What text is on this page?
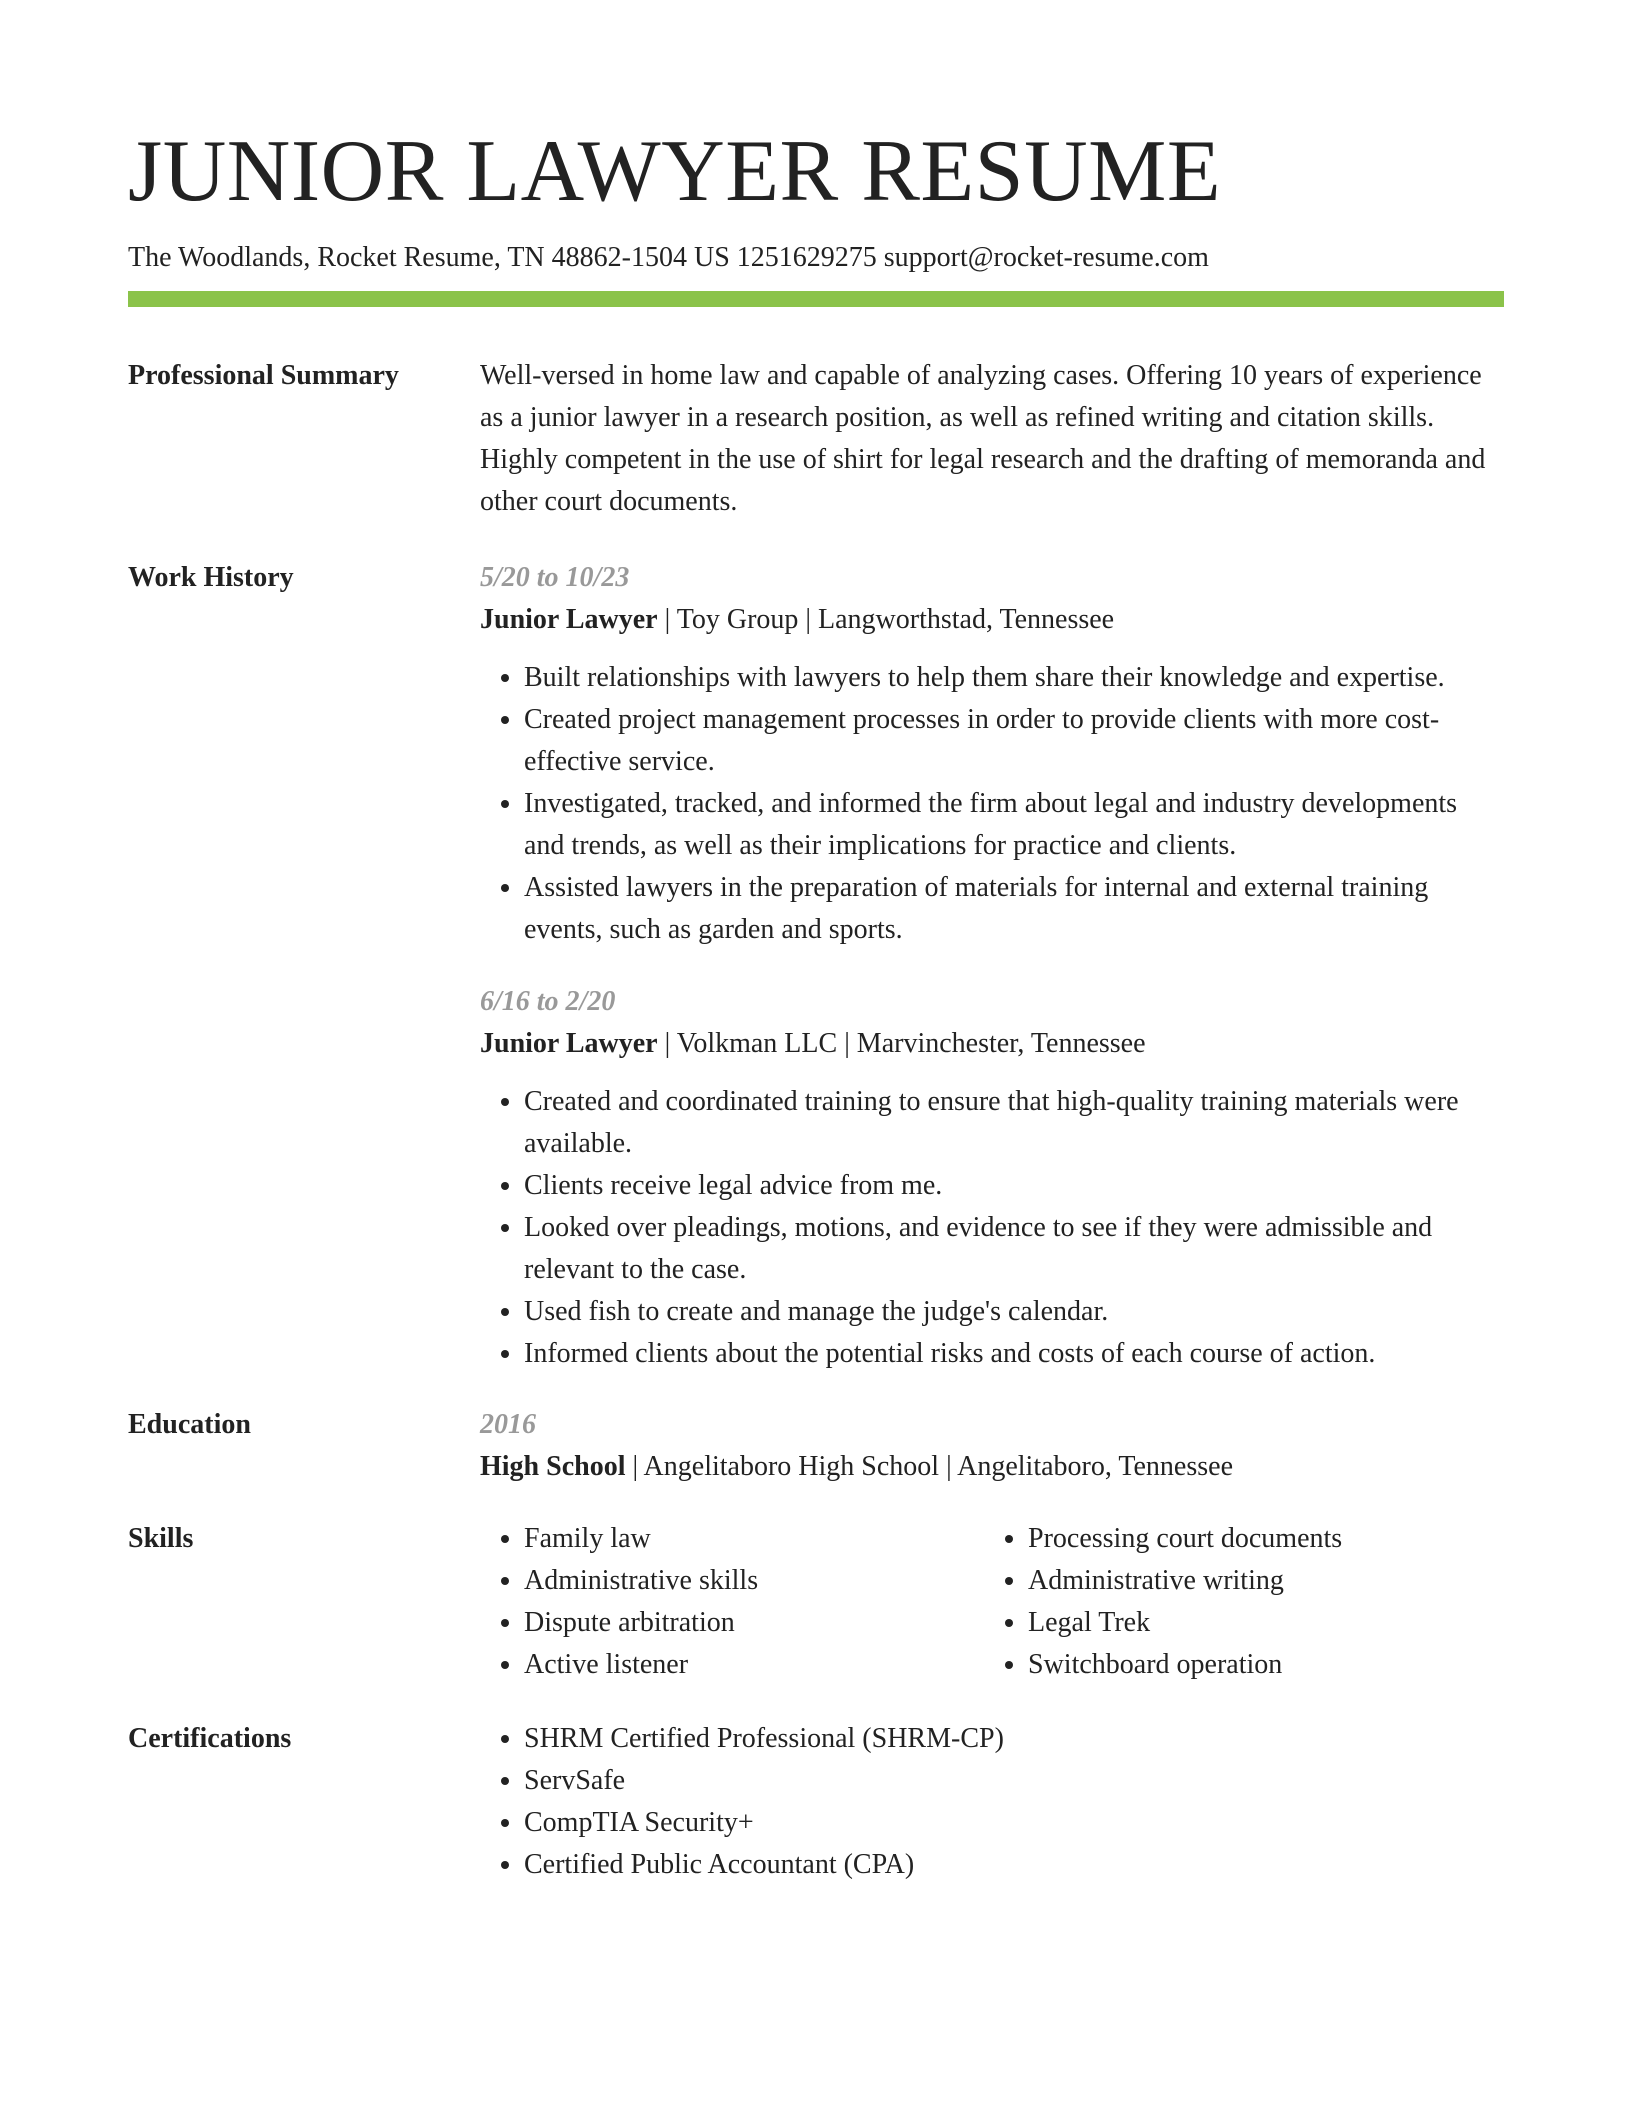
JUNIOR LAWYER RESUME
The Woodlands, Rocket Resume, TN 48862-1504 US 1251629275 support@rocket-resume.com
Professional Summary	Well-versed in home law and capable of analyzing cases. Offering 10 years of experience as a junior lawyer in a research position, as well as refined writing and citation skills. Highly competent in the use of shirt for legal research and the drafting of memoranda and other court documents.
Work History	5/20 to 10/23
Junior Lawyer | Toy Group | Langworthstad, Tennessee
• Built relationships with lawyers to help them share their knowledge and expertise.
• Created project management processes in order to provide clients with more cost-effective service.
• Investigated, tracked, and informed the firm about legal and industry developments and trends, as well as their implications for practice and clients.
• Assisted lawyers in the preparation of materials for internal and external training events, such as garden and sports.
6/16 to 2/20
Junior Lawyer | Volkman LLC | Marvinchester, Tennessee
• Created and coordinated training to ensure that high-quality training materials were available.
• Clients receive legal advice from me.
• Looked over pleadings, motions, and evidence to see if they were admissible and relevant to the case.
• Used fish to create and manage the judge's calendar.
• Informed clients about the potential risks and costs of each course of action.
Education	2016
High School | Angelitaboro High School | Angelitaboro, Tennessee
Skills	• Family law
• Administrative skills
• Dispute arbitration
• Active listener
• Processing court documents
• Administrative writing
• Legal Trek
• Switchboard operation
Certifications	• SHRM Certified Professional (SHRM-CP)
• ServSafe
• CompTIA Security+
• Certified Public Accountant (CPA)
